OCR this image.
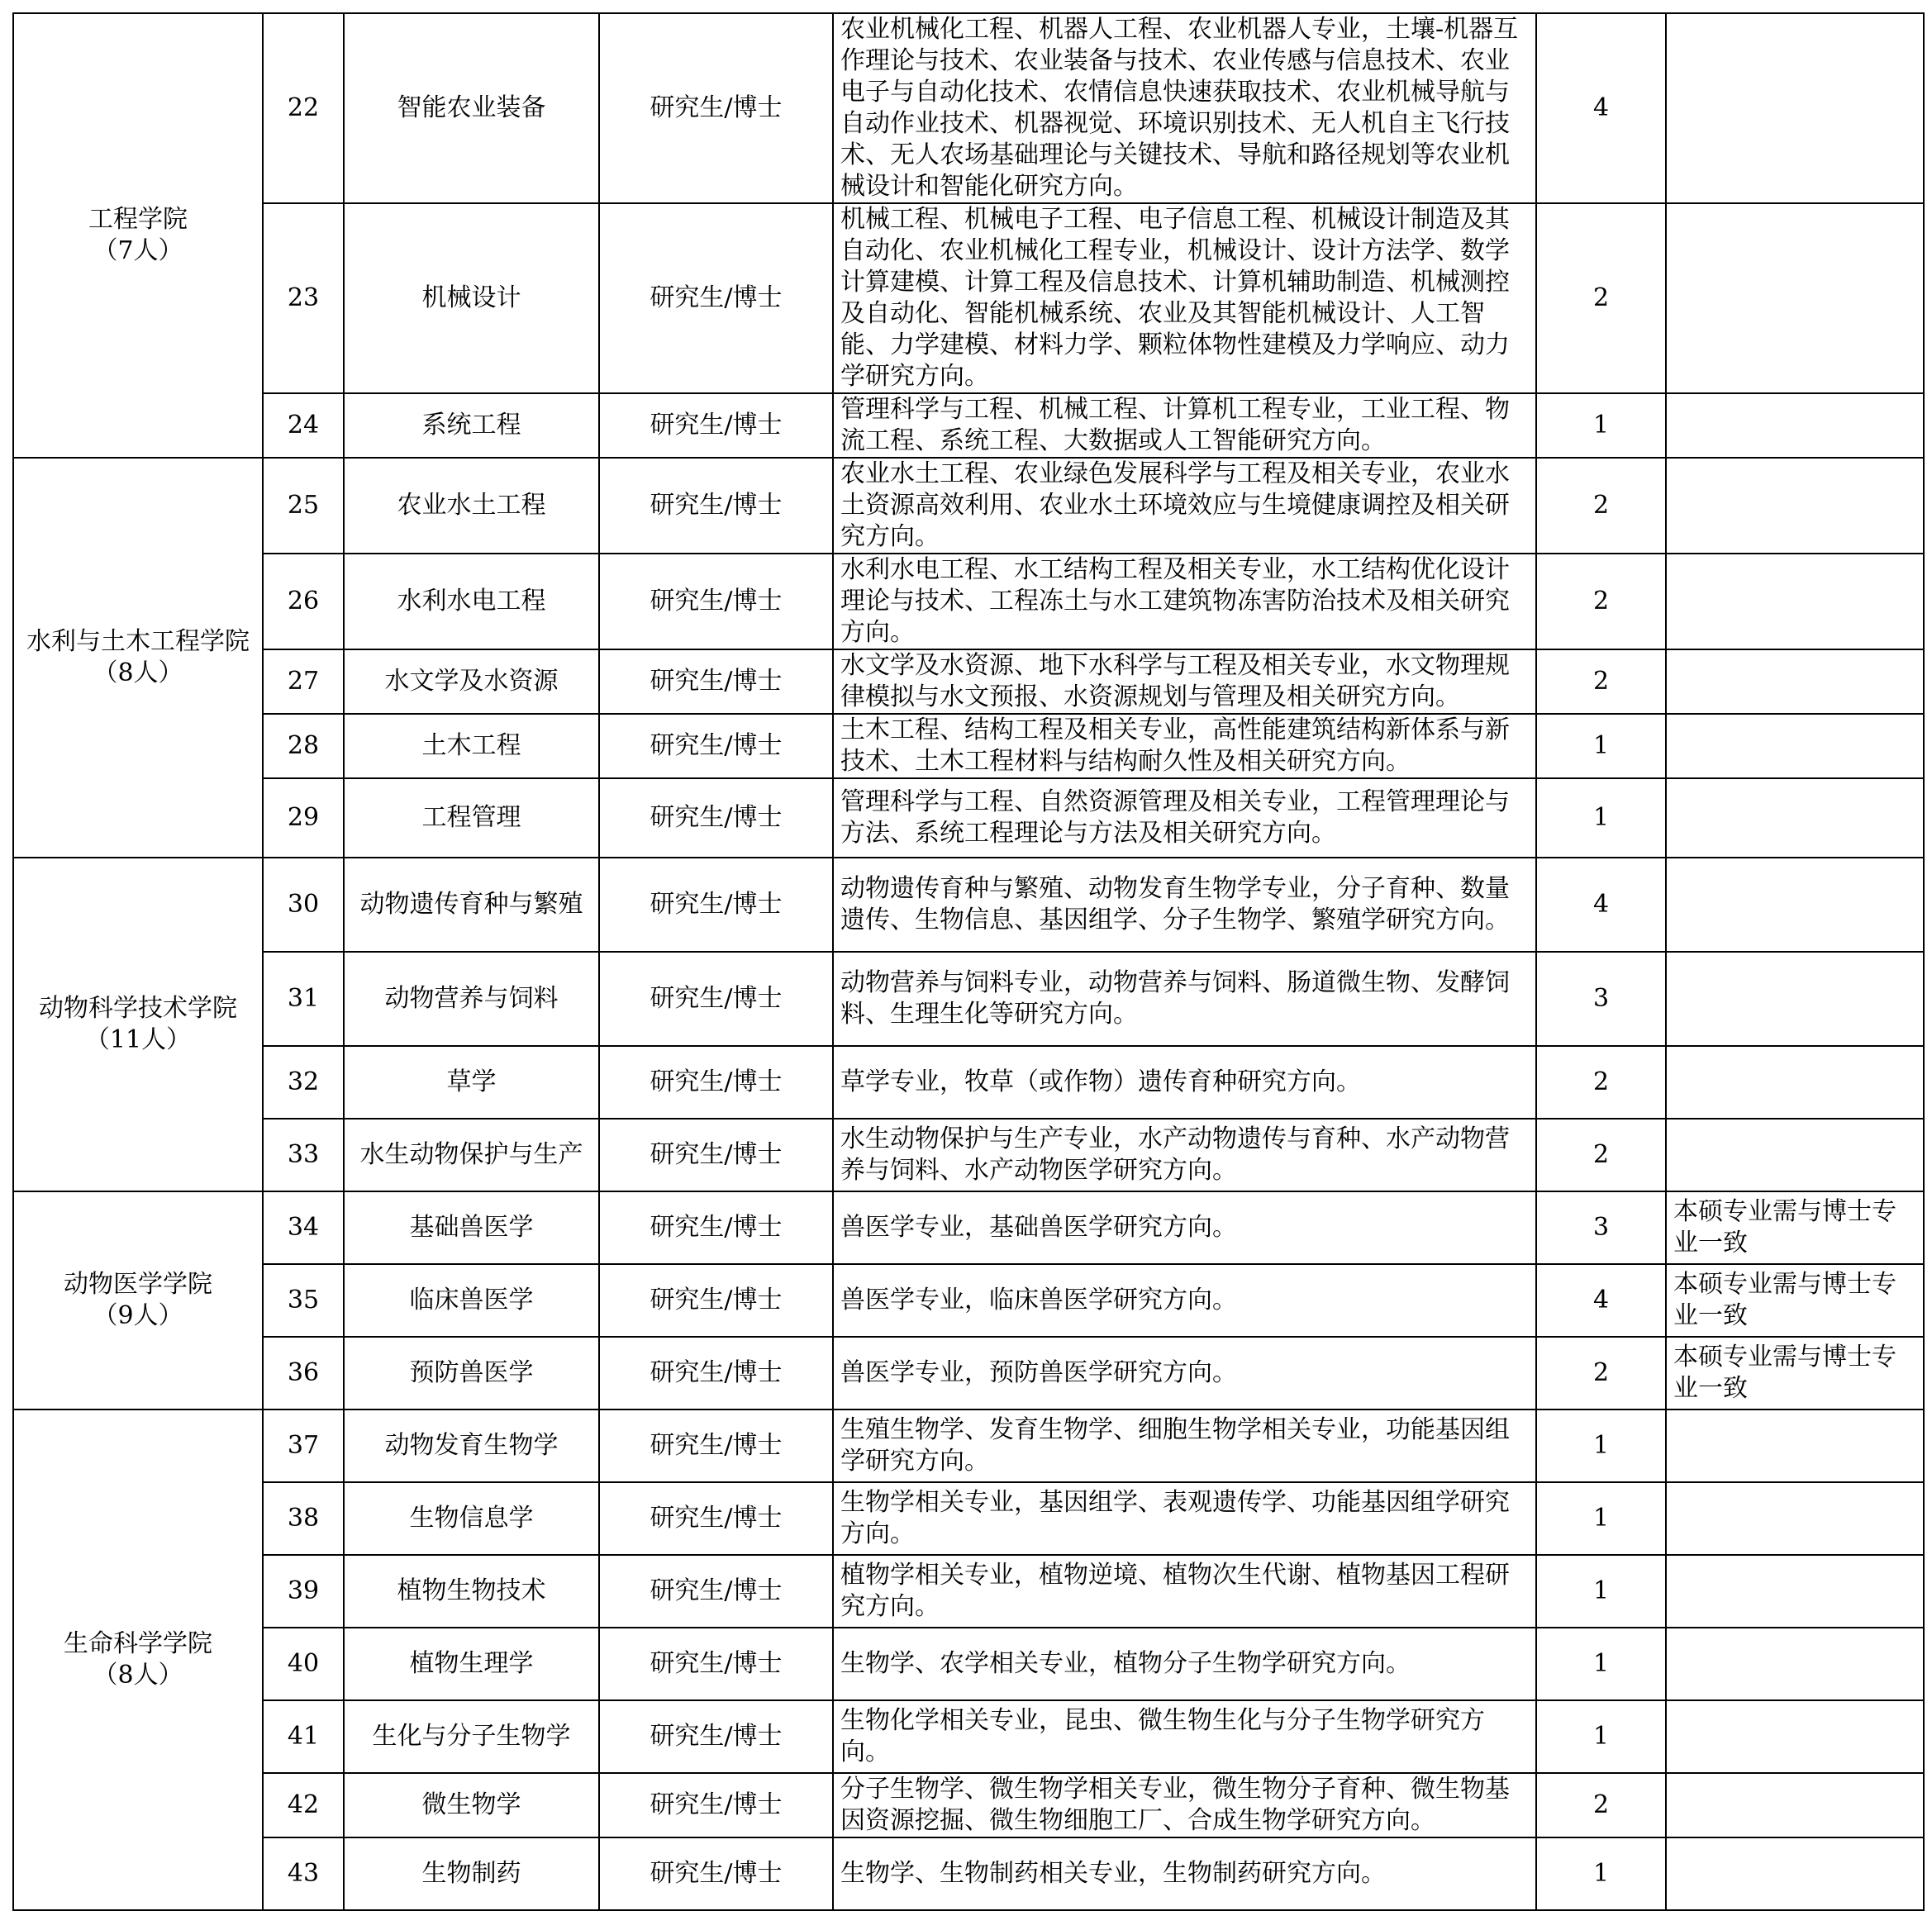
工程学院
（7人）	22	智能农业装备	研究生/博士	农业机械化工程、机器人工程、农业机器人专业，土壤-机器互作理论与技术、农业装备与技术、农业传感与信息技术、农业电子与自动化技术、农情信息快速获取技术、农业机械导航与自动作业技术、机器视觉、环境识别技术、无人机自主飞行技术、无人农场基础理论与关键技术、导航和路径规划等农业机械设计和智能化研究方向。	4	
	23	机械设计	研究生/博士	机械工程、机械电子工程、电子信息工程、机械设计制造及其自动化、农业机械化工程专业，机械设计、设计方法学、数学计算建模、计算工程及信息技术、计算机辅助制造、机械测控及自动化、智能机械系统、农业及其智能机械设计、人工智能、力学建模、材料力学、颗粒体物性建模及力学响应、动力学研究方向。	2	
	24	系统工程	研究生/博士	管理科学与工程、机械工程、计算机工程专业，工业工程、物流工程、系统工程、大数据或人工智能研究方向。	1	

水利与土木工程学院
（8人）	25	农业水土工程	研究生/博士	农业水土工程、农业绿色发展科学与工程及相关专业，农业水土资源高效利用、农业水土环境效应与生境健康调控及相关研究方向。	2	
	26	水利水电工程	研究生/博士	水利水电工程、水工结构工程及相关专业，水工结构优化设计理论与技术、工程冻土与水工建筑物冻害防治技术及相关研究方向。	2	
	27	水文学及水资源	研究生/博士	水文学及水资源、地下水科学与工程及相关专业，水文物理规律模拟与水文预报、水资源规划与管理及相关研究方向。	2	
	28	土木工程	研究生/博士	土木工程、结构工程及相关专业，高性能建筑结构新体系与新技术、土木工程材料与结构耐久性及相关研究方向。	1	
	29	工程管理	研究生/博士	管理科学与工程、自然资源管理及相关专业，工程管理理论与方法、系统工程理论与方法及相关研究方向。	1	

动物科学技术学院
（11人）	30	动物遗传育种与繁殖	研究生/博士	动物遗传育种与繁殖、动物发育生物学专业，分子育种、数量遗传、生物信息、基因组学、分子生物学、繁殖学研究方向。	4	
	31	动物营养与饲料	研究生/博士	动物营养与饲料专业，动物营养与饲料、肠道微生物、发酵饲料、生理生化等研究方向。	3	
	32	草学	研究生/博士	草学专业，牧草（或作物）遗传育种研究方向。	2	
	33	水生动物保护与生产	研究生/博士	水生动物保护与生产专业，水产动物遗传与育种、水产动物营养与饲料、水产动物医学研究方向。	2	

动物医学学院
（9人）	34	基础兽医学	研究生/博士	兽医学专业，基础兽医学研究方向。	3	本硕专业需与博士专业一致
	35	临床兽医学	研究生/博士	兽医学专业，临床兽医学研究方向。	4	本硕专业需与博士专业一致
	36	预防兽医学	研究生/博士	兽医学专业，预防兽医学研究方向。	2	本硕专业需与博士专业一致

生命科学学院
（8人）	37	动物发育生物学	研究生/博士	生殖生物学、发育生物学、细胞生物学相关专业，功能基因组学研究方向。	1	
	38	生物信息学	研究生/博士	生物学相关专业，基因组学、表观遗传学、功能基因组学研究方向。	1	
	39	植物生物技术	研究生/博士	植物学相关专业，植物逆境、植物次生代谢、植物基因工程研究方向。	1	
	40	植物生理学	研究生/博士	生物学、农学相关专业，植物分子生物学研究方向。	1	
	41	生化与分子生物学	研究生/博士	生物化学相关专业，昆虫、微生物生化与分子生物学研究方向。	1	
	42	微生物学	研究生/博士	分子生物学、微生物学相关专业，微生物分子育种、微生物基因资源挖掘、微生物细胞工厂、合成生物学研究方向。	2	
	43	生物制药	研究生/博士	生物学、生物制药相关专业，生物制药研究方向。	1	
